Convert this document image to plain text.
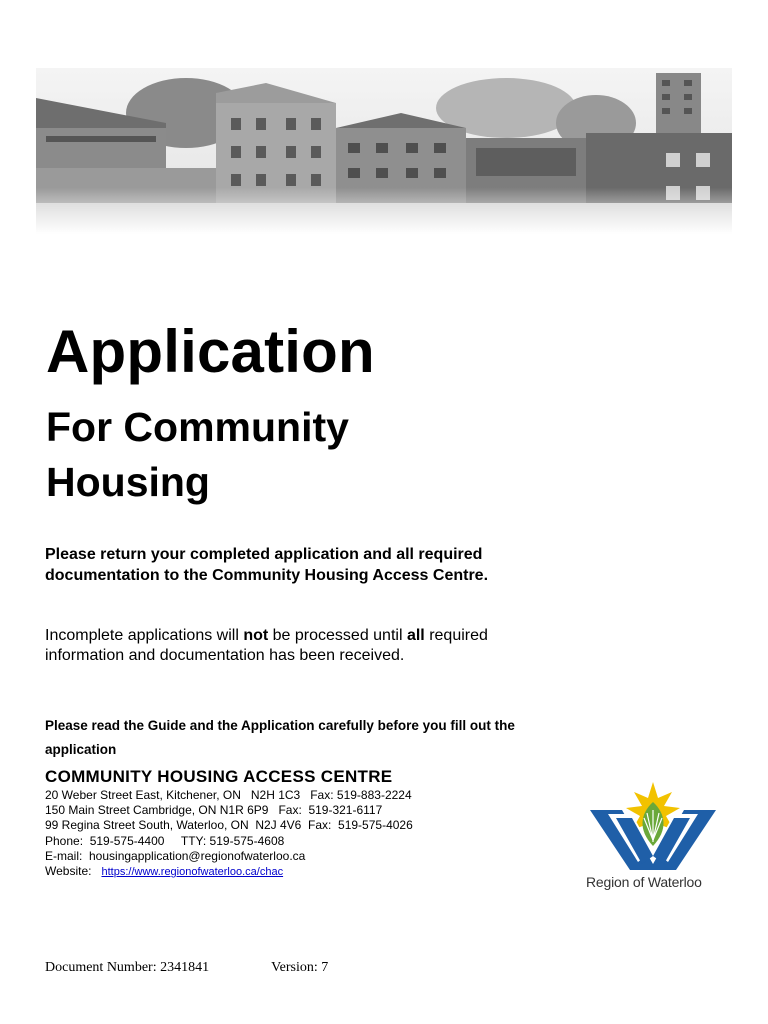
Application
For Community Housing
Please return your completed application and all required documentation to the Community Housing Access Centre.
Incomplete applications will not be processed until all required information and documentation has been received.
Please read the Guide and the Application carefully before you fill out the application
COMMUNITY HOUSING ACCESS CENTRE
20 Weber Street East, Kitchener, ON   N2H 1C3   Fax: 519-883-2224
150 Main Street Cambridge, ON N1R 6P9   Fax:  519-321-6117
99 Regina Street South, Waterloo, ON  N2J 4V6  Fax:  519-575-4026
Phone:  519-575-4400     TTY: 519-575-4608
E-mail:  housingapplication@regionofwaterloo.ca
Website:   https://www.regionofwaterloo.ca/chac
Region of Waterloo
Document Number: 2341841	Version: 7
